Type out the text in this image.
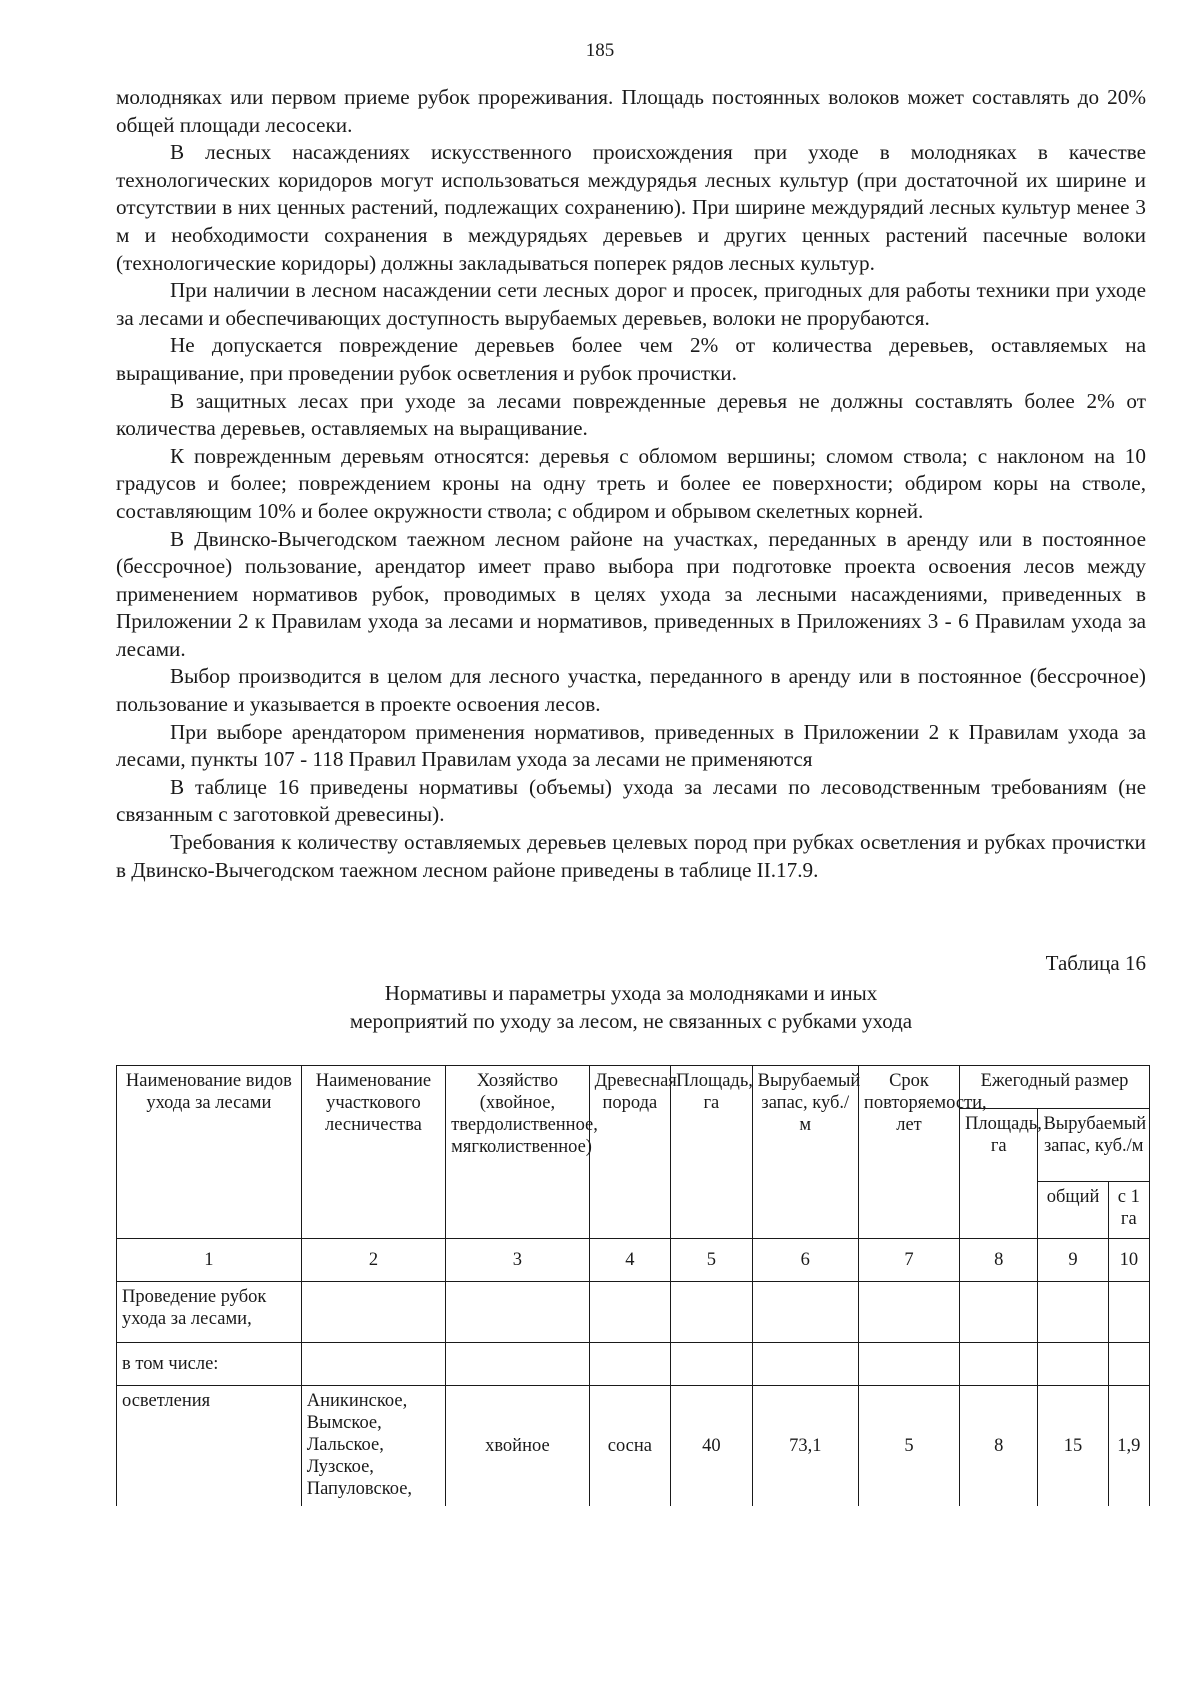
185

молодняках или первом приеме рубок прореживания. Площадь постоянных волоков может составлять до 20% общей площади лесосеки.

В лесных насаждениях искусственного происхождения при уходе в молодняках в качестве технологических коридоров могут использоваться междурядья лесных культур (при достаточной их ширине и отсутствии в них ценных растений, подлежащих сохранению). При ширине междурядий лесных культур менее 3 м и необходимости сохранения в междурядьях деревьев и других ценных растений пасечные волоки (технологические коридоры) должны закладываться поперек рядов лесных культур.

При наличии в лесном насаждении сети лесных дорог и просек, пригодных для работы техники при уходе за лесами и обеспечивающих доступность вырубаемых деревьев, волоки не прорубаются.

Не допускается повреждение деревьев более чем 2% от количества деревьев, оставляемых на выращивание, при проведении рубок осветления и рубок прочистки.

В защитных лесах при уходе за лесами поврежденные деревья не должны составлять более 2% от количества деревьев, оставляемых на выращивание.

К поврежденным деревьям относятся: деревья с обломом вершины; сломом ствола; с наклоном на 10 градусов и более; повреждением кроны на одну треть и более ее поверхности; обдиром коры на стволе, составляющим 10% и более окружности ствола; с обдиром и обрывом скелетных корней.

В Двинско-Вычегодском таежном лесном районе на участках, переданных в аренду или в постоянное (бессрочное) пользование, арендатор имеет право выбора при подготовке проекта освоения лесов между применением нормативов рубок, проводимых в целях ухода за лесными насаждениями, приведенных в Приложении 2 к Правилам ухода за лесами и нормативов, приведенных в Приложениях 3 - 6 Правилам ухода за лесами.

Выбор производится в целом для лесного участка, переданного в аренду или в постоянное (бессрочное) пользование и указывается в проекте освоения лесов.

При выборе арендатором применения нормативов, приведенных в Приложении 2 к Правилам ухода за лесами, пункты 107 - 118 Правил Правилам ухода за лесами не применяются

В таблице 16 приведены нормативы (объемы) ухода за лесами по лесоводственным требованиям (не связанным с заготовкой древесины).

Требования к количеству оставляемых деревьев целевых пород при рубках осветления и рубках прочистки в Двинско-Вычегодском таежном лесном районе приведены в таблице II.17.9.

Таблица 16
Нормативы и параметры ухода за молодняками и иных
мероприятий по уходу за лесом, не связанных с рубками ухода
Наименование видов ухода за лесами	Наименование участкового лесничества	Хозяйство (хвойное, твердолиственное, мягколиственное)	Древесная порода	Площадь, га	Вырубаемый запас, куб./м	Срок повторяемости, лет	Ежегодный размер		
							Площадь, га	Вырубаемый запас, куб./м	
								общий	с 1 га
1	2	3	4	5	6	7	8	9	10
Проведение рубок ухода за лесами,									
в том числе:									
осветления	Аникинское, Вымское, Лальское, Лузское, Папуловское,	хвойное	сосна	40	73,1	5	8	15	1,9
